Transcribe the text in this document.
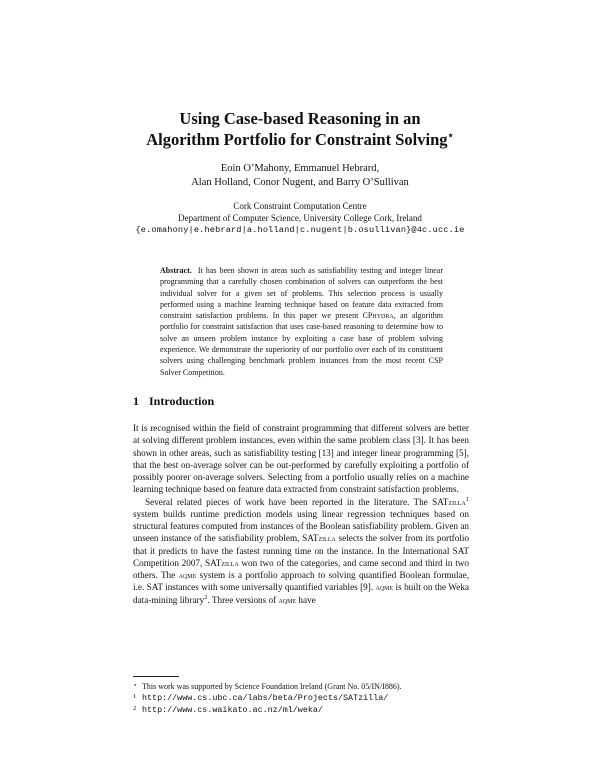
Using Case-based Reasoning in an
Algorithm Portfolio for Constraint Solving⋆
Eoin O’Mahony, Emmanuel Hebrard,
Alan Holland, Conor Nugent, and Barry O’Sullivan
Cork Constraint Computation Centre
Department of Computer Science, University College Cork, Ireland
{e.omahony|e.hebrard|a.holland|c.nugent|b.osullivan}@4c.ucc.ie
Abstract. It has been shown in areas such as satisfiability testing and integer linear programming that a carefully chosen combination of solvers can outperform the best individual solver for a given set of problems. This selection process is usually performed using a machine learning technique based on feature data extracted from constraint satisfaction problems. In this paper we present CPhydra, an algorithm portfolio for constraint satisfaction that uses case-based reasoning to determine how to solve an unseen problem instance by exploiting a case base of problem solving experience. We demonstrate the superiority of our portfolio over each of its constituent solvers using challenging benchmark problem instances from the most recent CSP Solver Competition.
1 Introduction

It is recognised within the field of constraint programming that different solvers are better at solving different problem instances, even within the same problem class [3]. It has been shown in other areas, such as satisfiability testing [13] and integer linear programming [5], that the best on-average solver can be out-performed by carefully exploiting a portfolio of possibly poorer on-average solvers. Selecting from a portfolio usually relies on a machine learning technique based on feature data extracted from constraint satisfaction problems.

Several related pieces of work have been reported in the literature. The SATzilla$^1$ system builds runtime prediction models using linear regression techniques based on structural features computed from instances of the Boolean satisfiability problem. Given an unseen instance of the satisfiability problem, SATzilla selects the solver from its portfolio that it predicts to have the fastest running time on the instance. In the International SAT Competition 2007, SATzilla won two of the categories, and came second and third in two others. The aqme system is a portfolio approach to solving quantified Boolean formulae, i.e. SAT instances with some universally quantified variables [9]. aqme is built on the Weka data-mining library$^2$. Three versions of aqme have

⋆ This work was supported by Science Foundation Ireland (Grant No. 05/IN/I886).
1 http://www.cs.ubc.ca/labs/beta/Projects/SATzilla/
2 http://www.cs.waikato.ac.nz/ml/weka/
